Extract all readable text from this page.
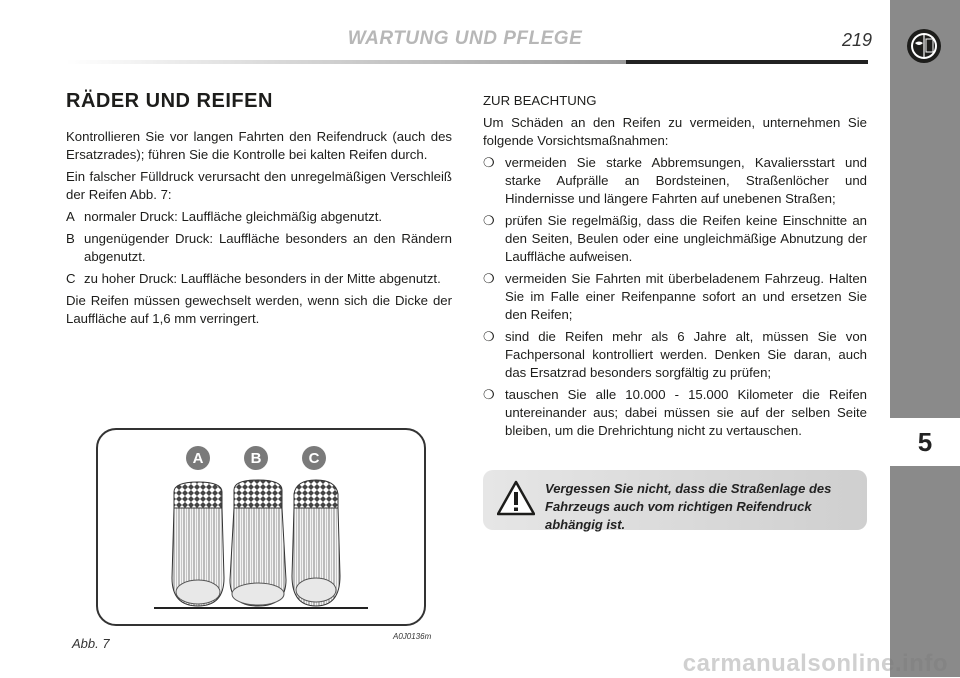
WARTUNG UND PFLEGE	219
5
RÄDER UND REIFEN

Kontrollieren Sie vor langen Fahrten den Reifendruck (auch des Ersatzrades); führen Sie die Kontrolle bei kalten Reifen durch.

Ein falscher Fülldruck verursacht den unregelmäßigen Verschleiß der Reifen Abb. 7:

A normaler Druck: Lauffläche gleichmäßig abgenutzt.
B ungenügender Druck: Lauffläche besonders an den Rändern abgenutzt.
C zu hoher Druck: Lauffläche besonders in der Mitte abgenutzt.

Die Reifen müssen gewechselt werden, wenn sich die Dicke der Lauffläche auf 1,6 mm verringert.

A	B	C
Abb. 7	A0J0136m

ZUR BEACHTUNG

Um Schäden an den Reifen zu vermeiden, unternehmen Sie folgende Vorsichtsmaßnahmen:

❍ vermeiden Sie starke Abbremsungen, Kavaliersstart und starke Aufprälle an Bordsteinen, Straßenlöcher und Hindernisse und längere Fahrten auf unebenen Straßen;
❍ prüfen Sie regelmäßig, dass die Reifen keine Einschnitte an den Seiten, Beulen oder eine ungleichmäßige Abnutzung der Lauffläche aufweisen.
❍ vermeiden Sie Fahrten mit überbeladenem Fahrzeug. Halten Sie im Falle einer Reifenpanne sofort an und ersetzen Sie den Reifen;
❍ sind die Reifen mehr als 6 Jahre alt, müssen Sie von Fachpersonal kontrolliert werden. Denken Sie daran, auch das Ersatzrad besonders sorgfältig zu prüfen;
❍ tauschen Sie alle 10.000 - 15.000 Kilometer die Reifen untereinander aus; dabei müssen sie auf der selben Seite bleiben, um die Drehrichtung nicht zu vertauschen.
Vergessen Sie nicht, dass die Straßenlage des Fahrzeugs auch vom richtigen Reifendruck abhängig ist.
carmanualsonline.info
